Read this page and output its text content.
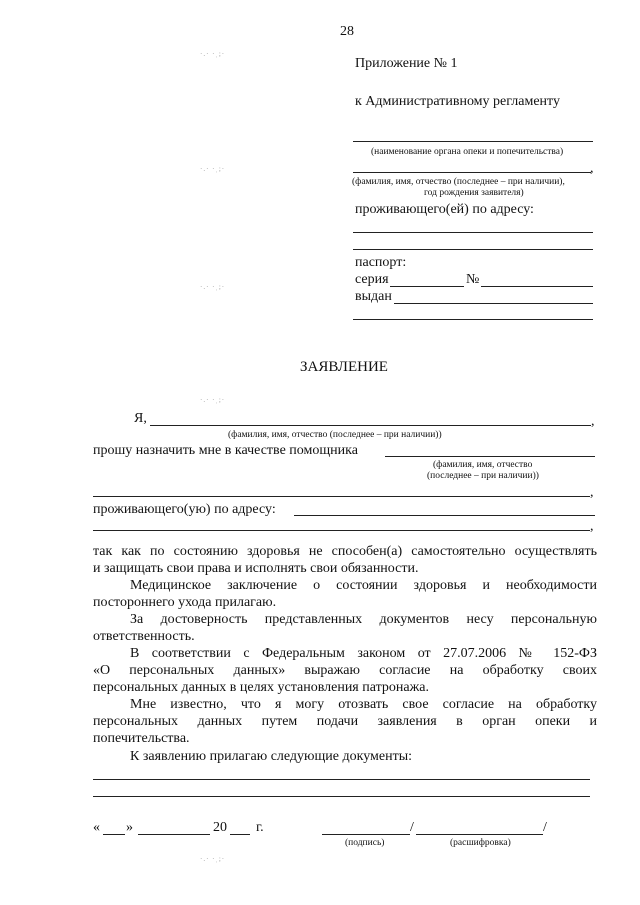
28
Приложение № 1
к Административному регламенту
(наименование органа опеки и попечительства)
,
(фамилия, имя, отчество (последнее – при наличии),
год рождения заявителя)
проживающего(ей) по адресу:
паспорт:
серия	№
выдан
ЗАЯВЛЕНИЕ
Я,	,
(фамилия, имя, отчество (последнее – при наличии))
прошу назначить мне в качестве помощника
(фамилия, имя, отчество
(последнее – при наличии))
,
проживающего(ую) по адресу:
,
так как по состоянию здоровья не способен(а) самостоятельно осуществлять
и защищать свои права и исполнять свои обязанности.
Медицинское заключение о состоянии здоровья и необходимости
постороннего ухода прилагаю.
За достоверность представленных документов несу персональную
ответственность.
В соответствии с Федеральным законом от 27.07.2006 № 152-ФЗ
«О персональных данных» выражаю согласие на обработку своих
персональных данных в целях установления патронажа.
Мне известно, что я могу отозвать свое согласие на обработку
персональных данных путем подачи заявления в орган опеки и
попечительства.
К заявлению прилагаю следующие документы:
« »	20 г.	/	/
(подпись)	(расшифровка)
·.· ·ˌ;·
·.· ·ˌ;·
·.· ·ˌ;·
·.· ·ˌ;·
·.· ·ˌ;·
